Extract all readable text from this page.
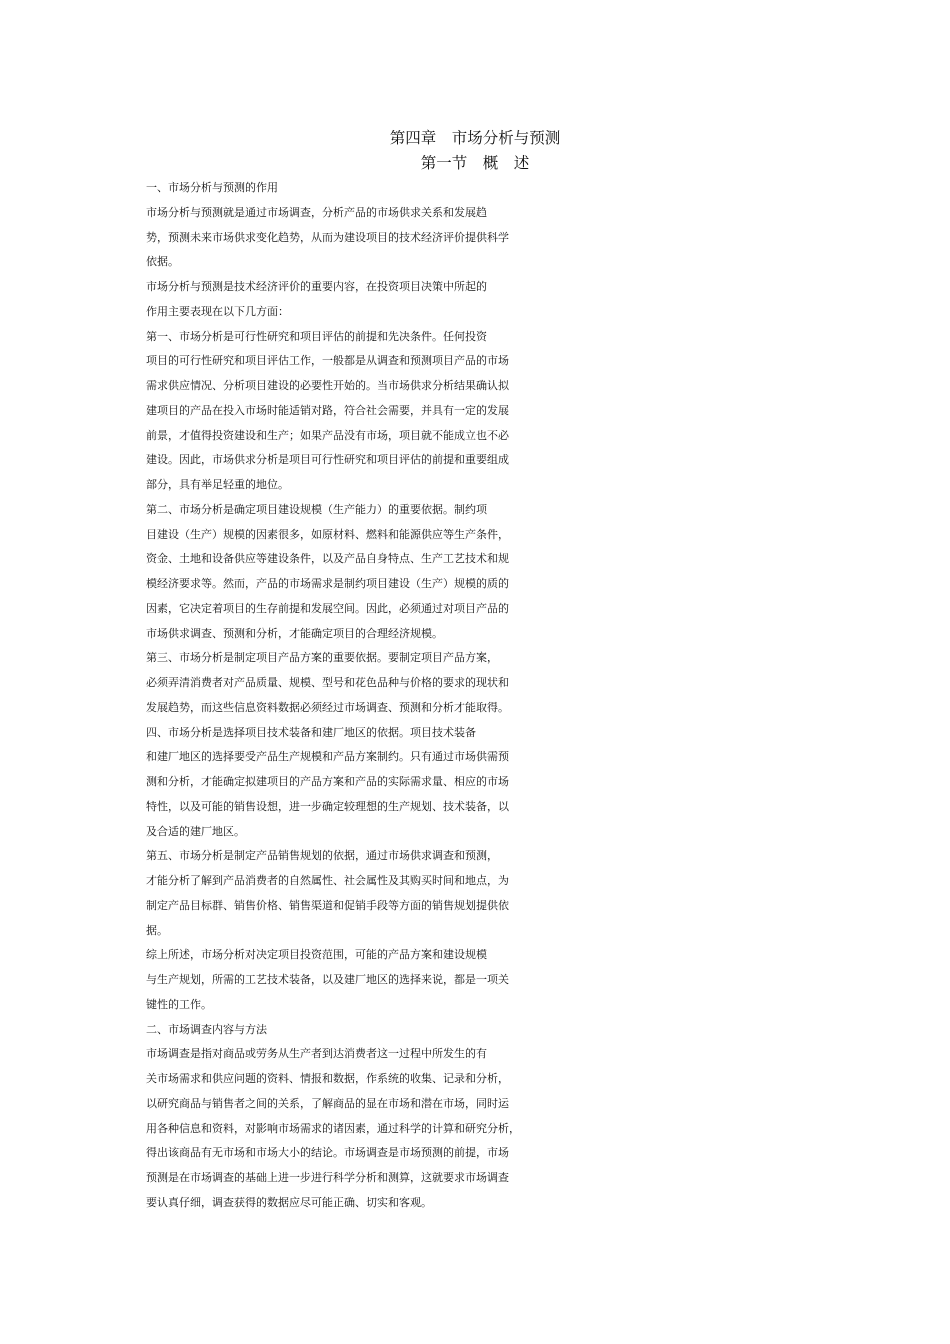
第四章　市场分析与预测
第一节　概　述
一、市场分析与预测的作用
市场分析与预测就是通过市场调查，分析产品的市场供求关系和发展趋
势，预测未来市场供求变化趋势，从而为建设项目的技术经济评价提供科学
依据。
市场分析与预测是技术经济评价的重要内容，在投资项目决策中所起的
作用主要表现在以下几方面：
第一、市场分析是可行性研究和项目评估的前提和先决条件。任何投资
项目的可行性研究和项目评估工作，一般都是从调查和预测项目产品的市场
需求供应情况、分析项目建设的必要性开始的。当市场供求分析结果确认拟
建项目的产品在投入市场时能适销对路，符合社会需要，并具有一定的发展
前景，才值得投资建设和生产；如果产品没有市场，项目就不能成立也不必
建设。因此，市场供求分析是项目可行性研究和项目评估的前提和重要组成
部分，具有举足轻重的地位。
第二、市场分析是确定项目建设规模（生产能力）的重要依据。制约项
目建设（生产）规模的因素很多，如原材料、燃料和能源供应等生产条件，
资金、土地和设备供应等建设条件，以及产品自身特点、生产工艺技术和规
模经济要求等。然而，产品的市场需求是制约项目建设（生产）规模的质的
因素，它决定着项目的生存前提和发展空间。因此，必须通过对项目产品的
市场供求调查、预测和分析，才能确定项目的合理经济规模。
第三、市场分析是制定项目产品方案的重要依据。要制定项目产品方案，
必须弄清消费者对产品质量、规模、型号和花色品种与价格的要求的现状和
发展趋势，而这些信息资料数据必须经过市场调查、预测和分析才能取得。
四、市场分析是选择项目技术装备和建厂地区的依据。项目技术装备
和建厂地区的选择要受产品生产规模和产品方案制约。只有通过市场供需预
测和分析，才能确定拟建项目的产品方案和产品的实际需求量、相应的市场
特性，以及可能的销售设想，进一步确定较理想的生产规划、技术装备，以
及合适的建厂地区。
第五、市场分析是制定产品销售规划的依据，通过市场供求调查和预测，
才能分析了解到产品消费者的自然属性、社会属性及其购买时间和地点，为
制定产品目标群、销售价格、销售渠道和促销手段等方面的销售规划提供依
据。
综上所述，市场分析对决定项目投资范围，可能的产品方案和建设规模
与生产规划，所需的工艺技术装备，以及建厂地区的选择来说，都是一项关
键性的工作。
二、市场调查内容与方法
市场调查是指对商品或劳务从生产者到达消费者这一过程中所发生的有
关市场需求和供应问题的资料、情报和数据，作系统的收集、记录和分析，
以研究商品与销售者之间的关系，了解商品的显在市场和潜在市场，同时运
用各种信息和资料，对影响市场需求的诸因素，通过科学的计算和研究分析，
得出该商品有无市场和市场大小的结论。市场调查是市场预测的前提，市场
预测是在市场调查的基础上进一步进行科学分析和测算，这就要求市场调查
要认真仔细，调查获得的数据应尽可能正确、切实和客观。
